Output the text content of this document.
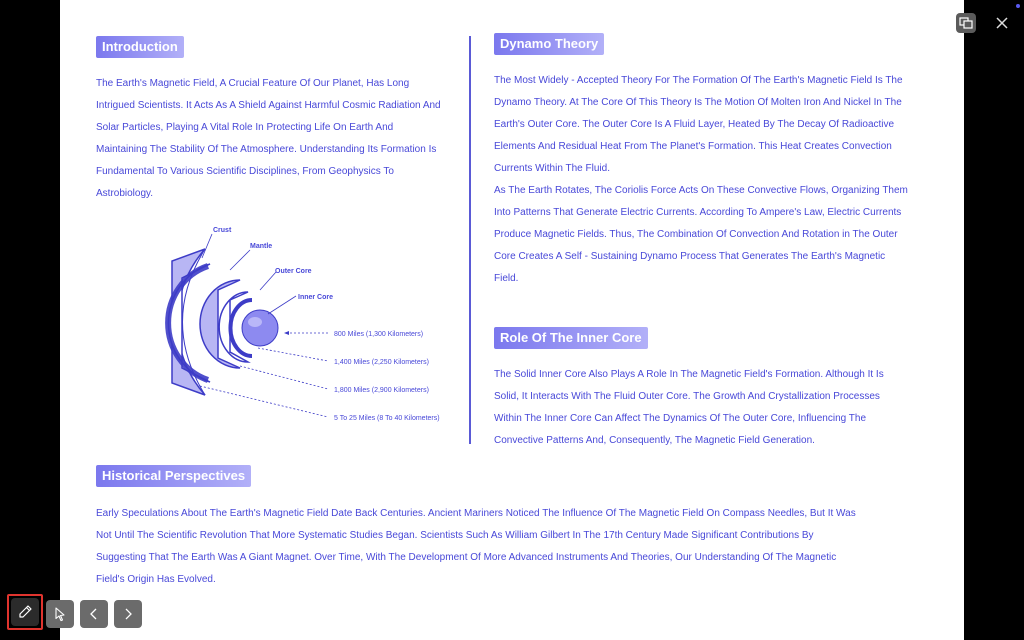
Introduction
The Earth's Magnetic Field, A Crucial Feature Of Our Planet, Has Long Intrigued Scientists. It Acts As A Shield Against Harmful Cosmic Radiation And Solar Particles, Playing A Vital Role In Protecting Life On Earth And Maintaining The Stability Of The Atmosphere. Understanding Its Formation Is Fundamental To Various Scientific Disciplines, From Geophysics To Astrobiology.
Crust
Mantle
Outer Core
Inner Core
800 Miles (1,300 Kilometers)
1,400 Miles (2,250 Kilometers)
1,800 Miles (2,900 Kilometers)
5 To 25 Miles (8 To 40 Kilometers)
Dynamo Theory
The Most Widely - Accepted Theory For The Formation Of The Earth's Magnetic Field Is The Dynamo Theory. At The Core Of This Theory Is The Motion Of Molten Iron And Nickel In The Earth's Outer Core. The Outer Core Is A Fluid Layer, Heated By The Decay Of Radioactive Elements And Residual Heat From The Planet's Formation. This Heat Creates Convection Currents Within The Fluid.
As The Earth Rotates, The Coriolis Force Acts On These Convective Flows, Organizing Them Into Patterns That Generate Electric Currents. According To Ampere's Law, Electric Currents Produce Magnetic Fields. Thus, The Combination Of Convection And Rotation in The Outer Core Creates A Self - Sustaining Dynamo Process That Generates The Earth's Magnetic Field.
Role Of The Inner Core
The Solid Inner Core Also Plays A Role In The Magnetic Field's Formation. Although It Is Solid, It Interacts With The Fluid Outer Core. The Growth And Crystallization Processes Within The Inner Core Can Affect The Dynamics Of The Outer Core, Influencing The Convective Patterns And, Consequently, The Magnetic Field Generation.
Historical Perspectives
Early Speculations About The Earth's Magnetic Field Date Back Centuries. Ancient Mariners Noticed The Influence Of The Magnetic Field On Compass Needles, But It Was Not Until The Scientific Revolution That More Systematic Studies Began. Scientists Such As William Gilbert In The 17th Century Made Significant Contributions By Suggesting That The Earth Was A Giant Magnet. Over Time, With The Development Of More Advanced Instruments And Theories, Our Understanding Of The Magnetic Field's Origin Has Evolved.
